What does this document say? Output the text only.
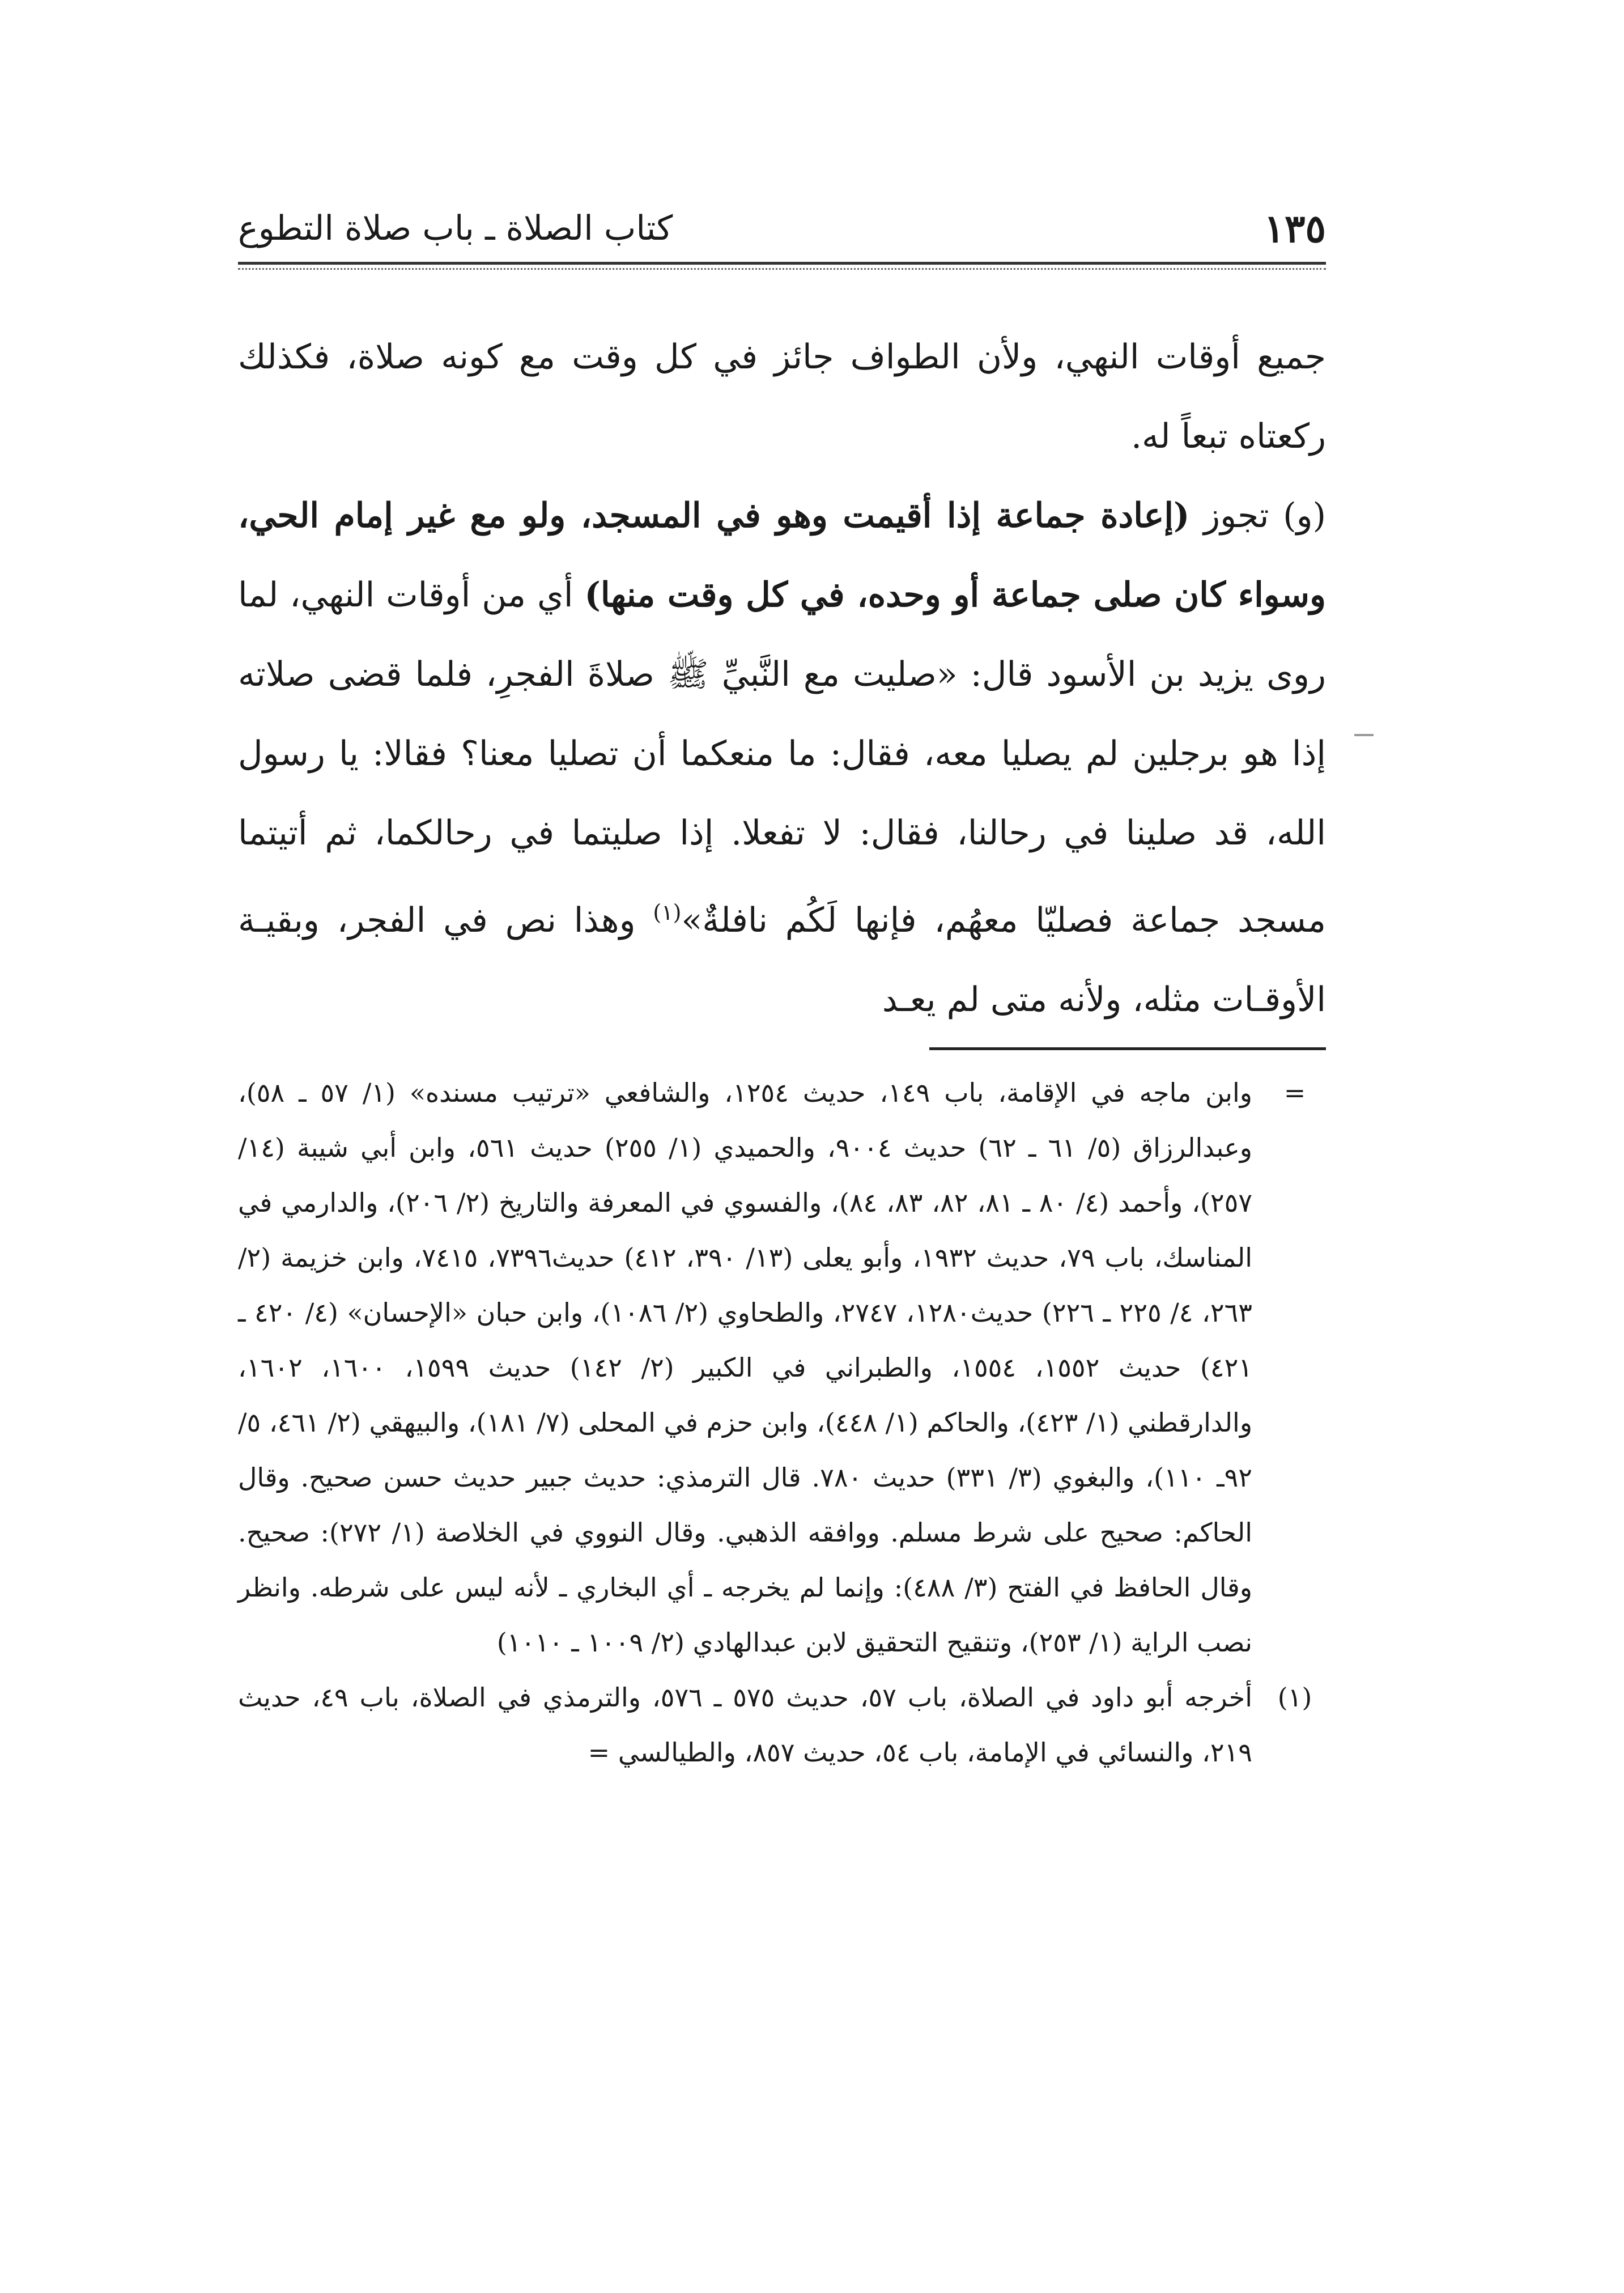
١٣٥
كتاب الصلاة ـ باب صلاة التطوع

جميع أوقات النهي، ولأن الطواف جائز في كل وقت مع كونه صلاة، فكذلك ركعتاه تبعاً له.

(و) تجوز (إعادة جماعة إذا أقيمت وهو في المسجد، ولو مع غير إمام الحي، وسواء كان صلى جماعة أو وحده، في كل وقت منها) أي من أوقات النهي، لما روى يزيد بن الأسود قال: «صليت مع النَّبيِّ ﷺ صلاةَ الفجرِ، فلما قضى صلاته إذا هو برجلين لم يصليا معه، فقال: ما منعكما أن تصليا معنا؟ فقالا: يا رسول الله، قد صلينا في رحالنا، فقال: لا تفعلا. إذا صليتما في رحالكما، ثم أتيتما مسجد جماعة فصليّا معهُم، فإنها لَكُم نافلةٌ»$^{(١)}$ وهذا نص في الفجر، وبقيـة الأوقـات مثله، ولأنه متى لم يعـد

=
وابن ماجه في الإقامة، باب ١٤٩، حديث ١٢٥٤، والشافعي «ترتيب مسنده» (١/ ٥٧ ـ ٥٨)، وعبدالرزاق (٥/ ٦١ ـ ٦٢) حديث ٩٠٠٤، والحميدي (١/ ٢٥٥) حديث ٥٦١، وابن أبي شيبة (١٤/ ٢٥٧)، وأحمد (٤/ ٨٠ ـ ٨١، ٨٢، ٨٣، ٨٤)، والفسوي في المعرفة والتاريخ (٢/ ٢٠٦)، والدارمي في المناسك، باب ٧٩، حديث ١٩٣٢، وأبو يعلى (١٣/ ٣٩٠، ٤١٢) حديث٧٣٩٦، ٧٤١٥، وابن خزيمة (٢/ ٢٦٣، ٤/ ٢٢٥ ـ ٢٢٦) حديث١٢٨٠، ٢٧٤٧، والطحاوي (٢/ ١٠٨٦)، وابن حبان «الإحسان» (٤/ ٤٢٠ ـ ٤٢١) حديث ١٥٥٢، ١٥٥٤، والطبراني في الكبير (٢/ ١٤٢) حديث ١٥٩٩، ١٦٠٠، ١٦٠٢، والدارقطني (١/ ٤٢٣)، والحاكم (١/ ٤٤٨)، وابن حزم في المحلى (٧/ ١٨١)، والبيهقي (٢/ ٤٦١، ٥/ ٩٢ـ ١١٠)، والبغوي (٣/ ٣٣١) حديث ٧٨٠. قال الترمذي: حديث جبير حديث حسن صحيح. وقال الحاكم: صحيح على شرط مسلم. ووافقه الذهبي. وقال النووي في الخلاصة (١/ ٢٧٢): صحيح. وقال الحافظ في الفتح (٣/ ٤٨٨): وإنما لم يخرجه ـ أي البخاري ـ لأنه ليس على شرطه. وانظر نصب الراية (١/ ٢٥٣)، وتنقيح التحقيق لابن عبدالهادي (٢/ ١٠٠٩ ـ ١٠١٠)
(١)
أخرجه أبو داود في الصلاة، باب ٥٧، حديث ٥٧٥ ـ ٥٧٦، والترمذي في الصلاة، باب ٤٩، حديث ٢١٩، والنسائي في الإمامة، باب ٥٤، حديث ٨٥٧، والطيالسي =
